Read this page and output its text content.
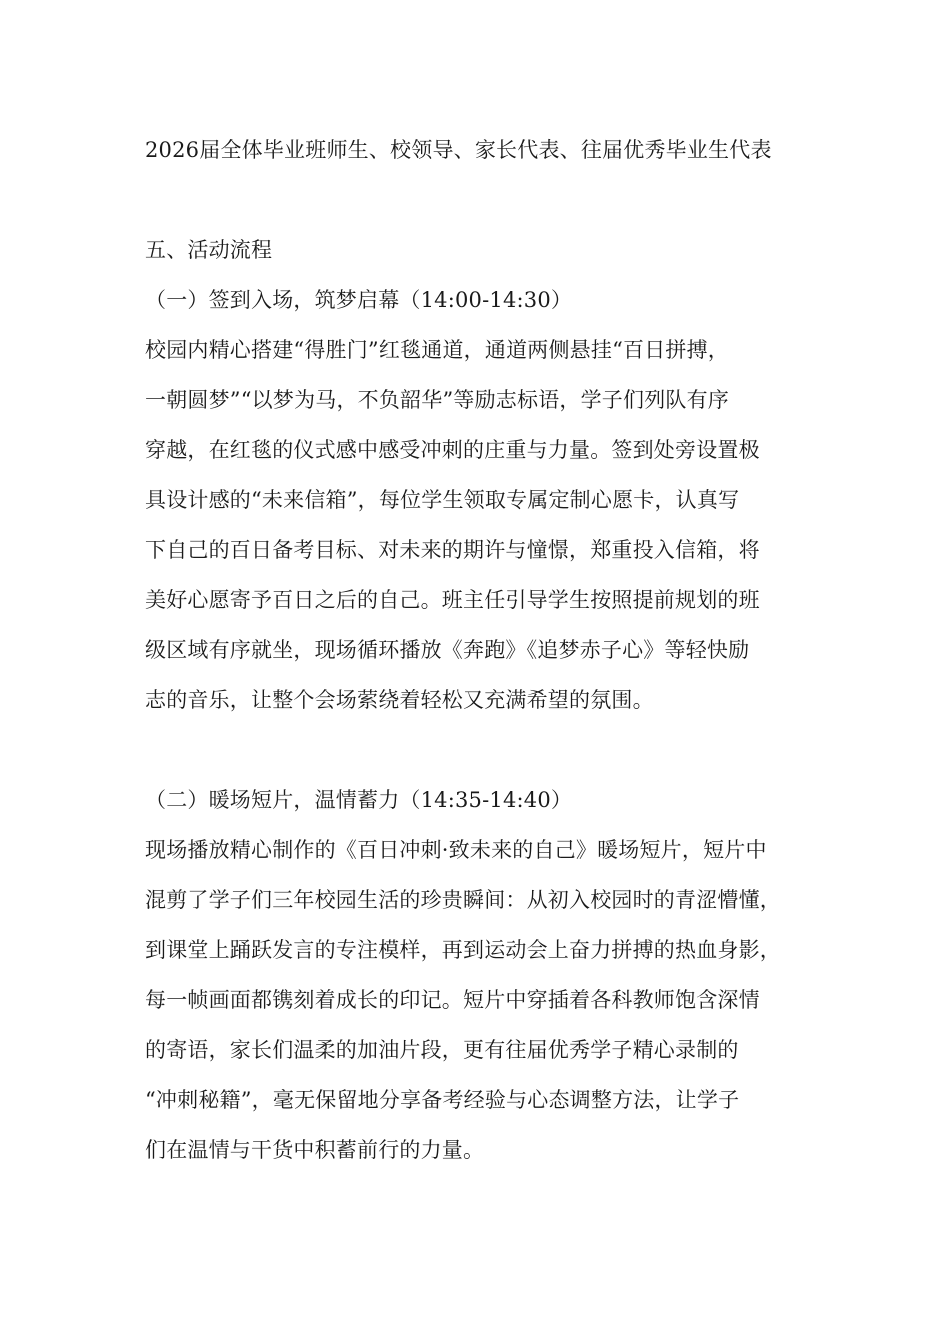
2026届全体毕业班师生、校领导、家长代表、往届优秀毕业生代表
五、活动流程
（一）签到入场，筑梦启幕（14:00-14:30）
校园内精心搭建“得胜门”红毯通道，通道两侧悬挂“百日拼搏，
一朝圆梦”“以梦为马，不负韶华”等励志标语，学子们列队有序
穿越，在红毯的仪式感中感受冲刺的庄重与力量。签到处旁设置极
具设计感的“未来信箱”，每位学生领取专属定制心愿卡，认真写
下自己的百日备考目标、对未来的期许与憧憬，郑重投入信箱，将
美好心愿寄予百日之后的自己。班主任引导学生按照提前规划的班
级区域有序就坐，现场循环播放《奔跑》《追梦赤子心》等轻快励
志的音乐，让整个会场萦绕着轻松又充满希望的氛围。
（二）暖场短片，温情蓄力（14:35-14:40）
现场播放精心制作的《百日冲刺·致未来的自己》暖场短片，短片中
混剪了学子们三年校园生活的珍贵瞬间：从初入校园时的青涩懵懂，
到课堂上踊跃发言的专注模样，再到运动会上奋力拼搏的热血身影，
每一帧画面都镌刻着成长的印记。短片中穿插着各科教师饱含深情
的寄语，家长们温柔的加油片段，更有往届优秀学子精心录制的
“冲刺秘籍”，毫无保留地分享备考经验与心态调整方法，让学子
们在温情与干货中积蓄前行的力量。
